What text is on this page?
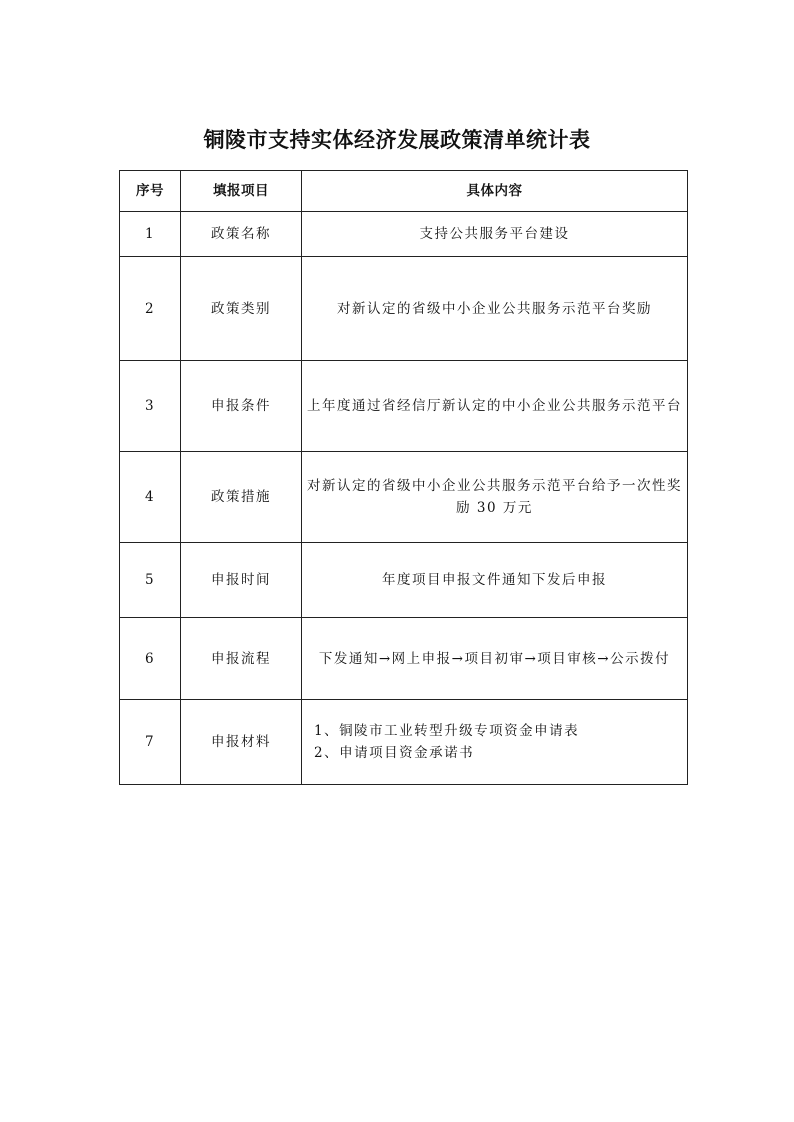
铜陵市支持实体经济发展政策清单统计表
序号	填报项目	具体内容
1	政策名称	支持公共服务平台建设
2	政策类别	对新认定的省级中小企业公共服务示范平台奖励
3	申报条件	上年度通过省经信厅新认定的中小企业公共服务示范平台
4	政策措施	对新认定的省级中小企业公共服务示范平台给予一次性奖励 30 万元
5	申报时间	年度项目申报文件通知下发后申报
6	申报流程	下发通知→网上申报→项目初审→项目审核→公示拨付
7	申报材料	1、铜陵市工业转型升级专项资金申请表
2、申请项目资金承诺书
